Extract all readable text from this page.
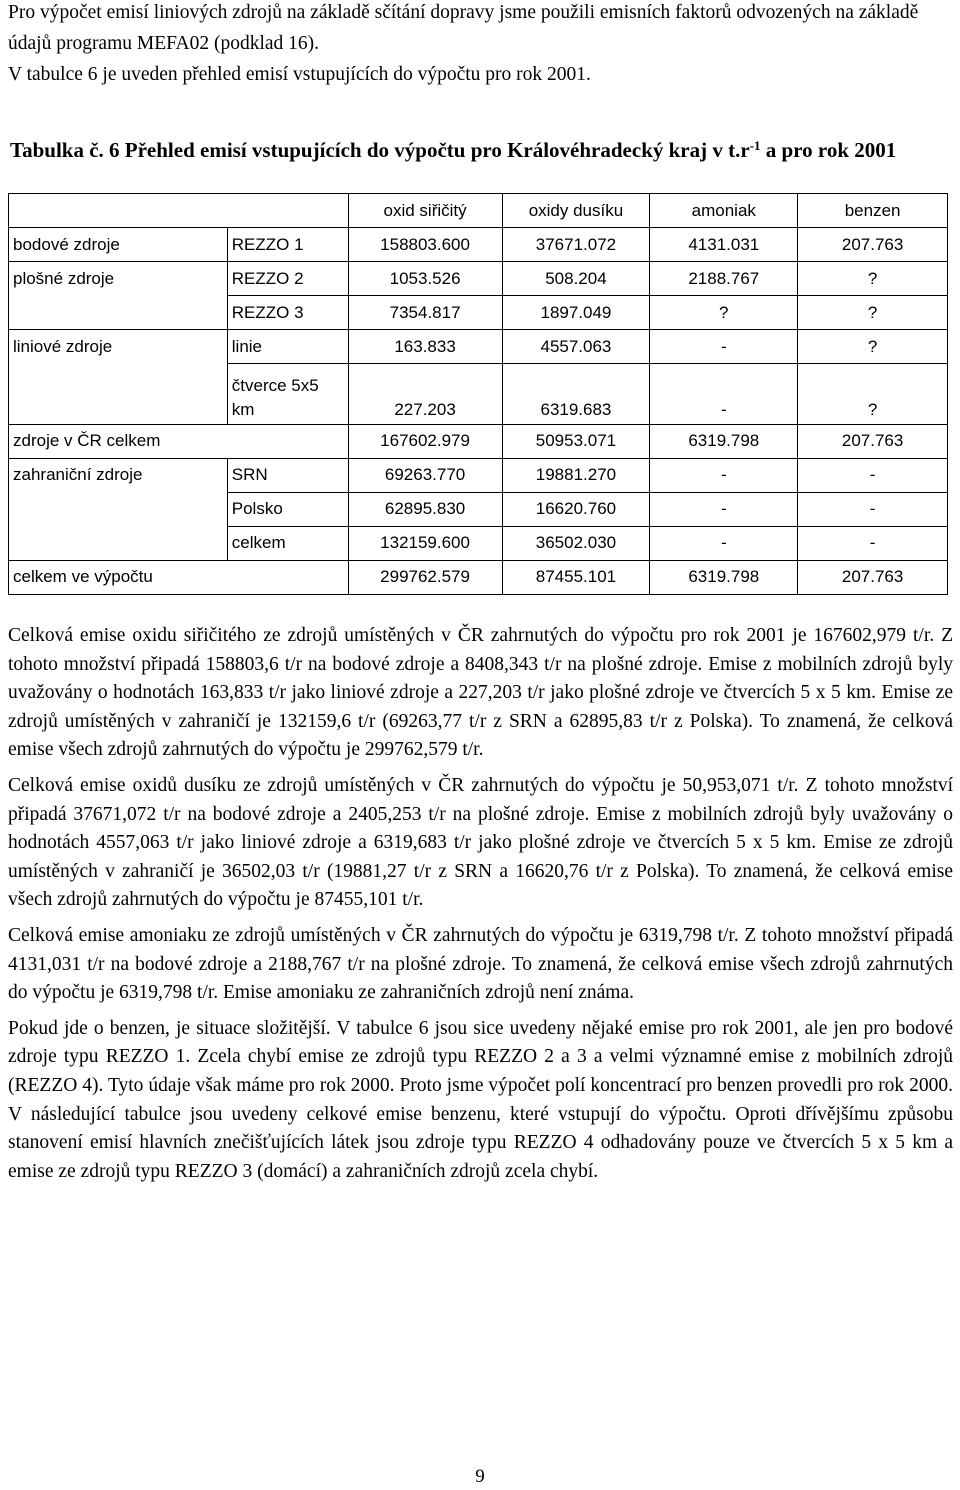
Pro výpočet emisí liniových zdrojů na základě sčítání dopravy jsme použili emisních faktorů odvozených na základě údajů programu MEFA02 (podklad 16).

V tabulce 6 je uveden přehled emisí vstupujících do výpočtu pro rok 2001.

Tabulka č. 6 Přehled emisí vstupujících do výpočtu pro Královéhradecký kraj v $t.r^{-1}$ a pro rok 2001
		oxid siřičitý	oxidy dusíku	amoniak	benzen
bodové zdroje	REZZO 1	158803.600	37671.072	4131.031	207.763
plošné zdroje	REZZO 2	1053.526	508.204	2188.767	?
	REZZO 3	7354.817	1897.049	?	?
liniové zdroje	linie	163.833	4557.063	-	?
	čtverce 5x5 km	227.203	6319.683	-	?
zdroje v ČR celkem		167602.979	50953.071	6319.798	207.763
zahraniční zdroje	SRN	69263.770	19881.270	-	-
	Polsko	62895.830	16620.760	-	-
	celkem	132159.600	36502.030	-	-
celkem ve výpočtu		299762.579	87455.101	6319.798	207.763

Celková emise oxidu siřičitého ze zdrojů umístěných v ČR zahrnutých do výpočtu pro rok 2001 je 167602,979 t/r. Z tohoto množství připadá 158803,6 t/r na bodové zdroje a 8408,343 t/r na plošné zdroje. Emise z mobilních zdrojů byly uvažovány o hodnotách 163,833 t/r jako liniové zdroje a 227,203 t/r jako plošné zdroje ve čtvercích 5 x 5 km. Emise ze zdrojů umístěných v zahraničí je 132159,6 t/r (69263,77 t/r z SRN a 62895,83 t/r z Polska). To znamená, že celková emise všech zdrojů zahrnutých do výpočtu je 299762,579 t/r.

Celková emise oxidů dusíku ze zdrojů umístěných v ČR zahrnutých do výpočtu je 50,953,071 t/r. Z tohoto množství připadá 37671,072 t/r na bodové zdroje a 2405,253 t/r na plošné zdroje. Emise z mobilních zdrojů byly uvažovány o hodnotách 4557,063 t/r jako liniové zdroje a 6319,683 t/r jako plošné zdroje ve čtvercích 5 x 5 km. Emise ze zdrojů umístěných v zahraničí je 36502,03 t/r (19881,27 t/r z SRN a 16620,76 t/r z Polska). To znamená, že celková emise všech zdrojů zahrnutých do výpočtu je 87455,101 t/r.

Celková emise amoniaku ze zdrojů umístěných v ČR zahrnutých do výpočtu je 6319,798 t/r. Z tohoto množství připadá 4131,031 t/r na bodové zdroje a 2188,767 t/r na plošné zdroje. To znamená, že celková emise všech zdrojů zahrnutých do výpočtu je 6319,798 t/r. Emise amoniaku ze zahraničních zdrojů není známa.

Pokud jde o benzen, je situace složitější. V tabulce 6 jsou sice uvedeny nějaké emise pro rok 2001, ale jen pro bodové zdroje typu REZZO 1. Zcela chybí emise ze zdrojů typu REZZO 2 a 3 a velmi významné emise z mobilních zdrojů (REZZO 4). Tyto údaje však máme pro rok 2000. Proto jsme výpočet polí koncentrací pro benzen provedli pro rok 2000. V následující tabulce jsou uvedeny celkové emise benzenu, které vstupují do výpočtu. Oproti dřívějšímu způsobu stanovení emisí hlavních znečišťujících látek jsou zdroje typu REZZO 4 odhadovány pouze ve čtvercích 5 x 5 km a emise ze zdrojů typu REZZO 3 (domácí) a zahraničních zdrojů zcela chybí.

9
